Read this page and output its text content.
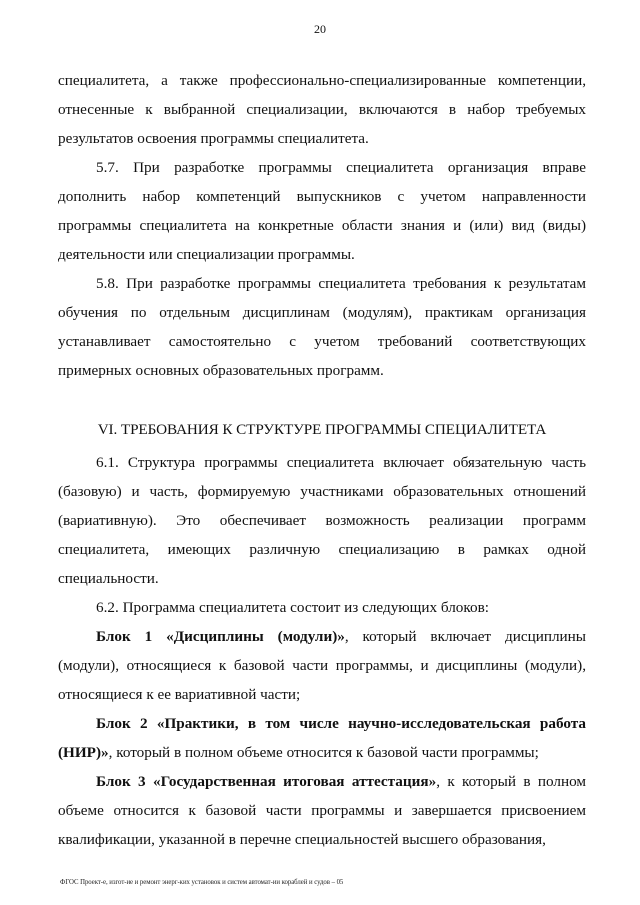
20

специалитета, а также профессионально-специализированные компетенции, отнесенные к выбранной специализации, включаются в набор требуемых результатов освоения программы специалитета.

5.7. При разработке программы специалитета организация вправе дополнить набор компетенций выпускников с учетом направленности программы специалитета на конкретные области знания и (или) вид (виды) деятельности или специализации программы.

5.8. При разработке программы специалитета требования к результатам обучения по отдельным дисциплинам (модулям), практикам организация устанавливает самостоятельно с учетом требований соответствующих примерных основных образовательных программ.

VI. ТРЕБОВАНИЯ К СТРУКТУРЕ ПРОГРАММЫ СПЕЦИАЛИТЕТА

6.1. Структура программы специалитета включает обязательную часть (базовую) и часть, формируемую участниками образовательных отношений (вариативную). Это обеспечивает возможность реализации программ специалитета, имеющих различную специализацию в рамках одной специальности.

6.2. Программа специалитета состоит из следующих блоков:

Блок 1 «Дисциплины (модули)», который включает дисциплины (модули), относящиеся к базовой части программы, и дисциплины (модули), относящиеся к ее вариативной части;

Блок 2 «Практики, в том числе научно-исследовательская работа (НИР)», который в полном объеме относится к базовой части программы;

Блок 3 «Государственная итоговая аттестация», к который в полном объеме относится к базовой части программы и завершается присвоением квалификации, указанной в перечне специальностей высшего образования,

ФГОС Проект-е, изгот-ие и ремонт энерг-ких установок и систем автомат-ии кораблей и судов – 05
